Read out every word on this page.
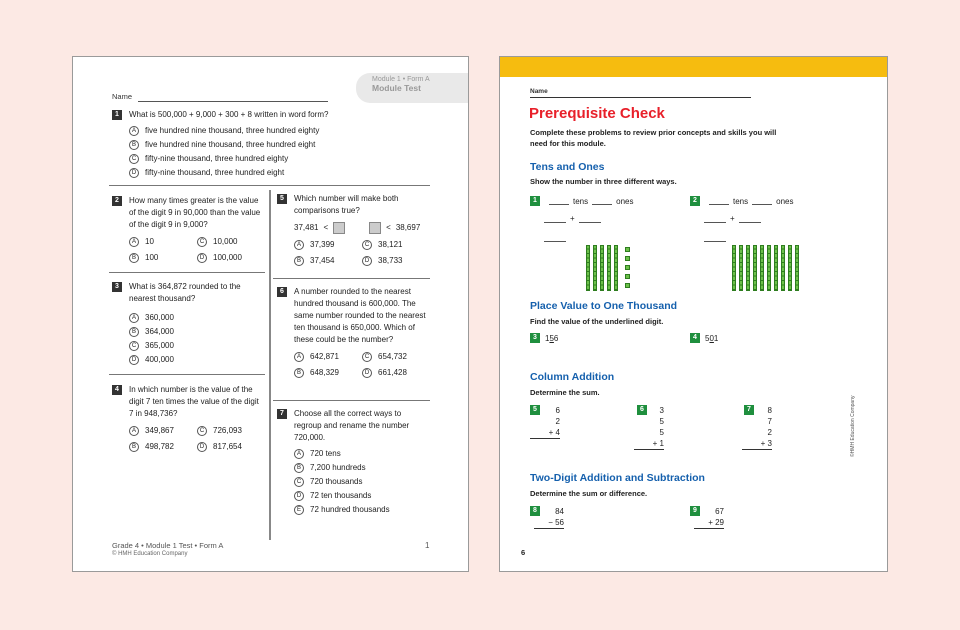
Module 1 • Form A
Module Test
Name
1	What is 500,000 + 9,000 + 300 + 8 written in word form?
A	five hundred nine thousand, three hundred eighty
B	five hundred nine thousand, three hundred eight
C	fifty-nine thousand, three hundred eighty
D	fifty-nine thousand, three hundred eight
2	How many times greater is the value of the digit 9 in 90,000 than the value of the digit 9 in 9,000?
A	10	C	10,000
B	100	D	100,000
3	What is 364,872 rounded to the nearest thousand?
A	360,000
B	364,000
C	365,000
D	400,000
4	In which number is the value of the digit 7 ten times the value of the digit 7 in 948,736?
A	349,867	C	726,093
B	498,782	D	817,654
5	Which number will make both comparisons true?
37,481 <	< 38,697
A	37,399	C	38,121
B	37,454	D	38,733
6	A number rounded to the nearest hundred thousand is 600,000. The same number rounded to the nearest ten thousand is 650,000. Which of these could be the number?
A	642,871	C	654,732
B	648,329	D	661,428
7	Choose all the correct ways to regroup and rename the number 720,000.
A	720 tens
B	7,200 hundreds
C	720 thousands
D	72 ten thousands
E	72 hundred thousands
Grade 4 • Module 1 Test • Form A
© HMH Education Company
1
Name
Prerequisite Check
Complete these problems to review prior concepts and skills you will need for this module.
Tens and Ones
Show the number in three different ways.
1	tens	ones
+
2	tens	ones
+
Place Value to One Thousand
Find the value of the underlined digit.
3	1 5 6	4	5 0 1
Column Addition
Determine the sum.
5	6
2
+ 4
6	3
5
5
+ 1
7	8
7
2
+ 3
Two-Digit Addition and Subtraction
Determine the sum or difference.
8	84
− 56
9	67
+ 29
©HMH Education Company
6
